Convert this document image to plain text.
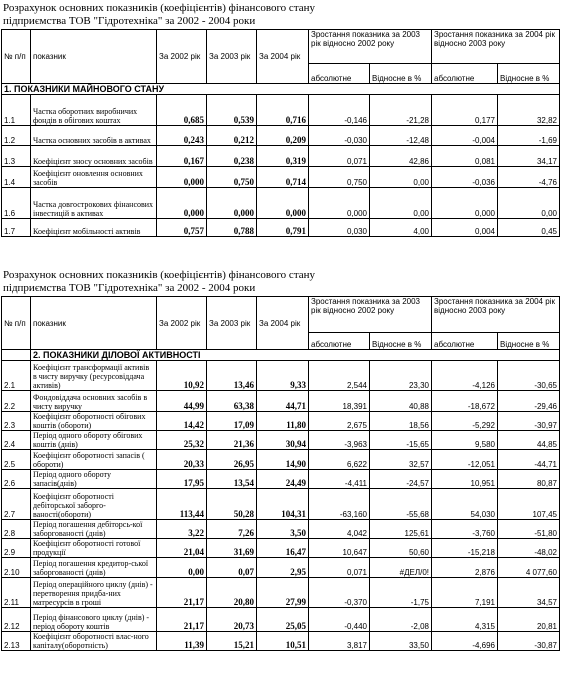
Розрахунок основних показників (коефіцієнтів) фінансового стану
підприємства ТОВ "Гідротехніка" за 2002 - 2004 роки
№ п/п	показник	За 2002 рік	За 2003 рік	За 2004 рік	Зростання показника за 2003 рік відносно 2002 року		Зростання показника за 2004 рік відносно 2003 року	
					абсолютне	Відносне в %	абсолютне	Відносне в %
1. ПОКАЗНИКИ МАЙНОВОГО СТАНУ								
1.1	Частка оборотних виробничих фондів в обігових коштах	0,685	0,539	0,716	-0,146	-21,28	0,177	32,82
1.2	Частка основних засобів в активах	0,243	0,212	0,209	-0,030	-12,48	-0,004	-1,69
1.3	Коефіцієнт зносу основних засобів	0,167	0,238	0,319	0,071	42,86	0,081	34,17
1.4	Коефіцієнт оновлення основних засобів	0,000	0,750	0,714	0,750	0,00	-0,036	-4,76
1.6	Частка довгострокових фінансових інвестицій в активах	0,000	0,000	0,000	0,000	0,00	0,000	0,00
1.7	Коефіцієнт мобільності активів	0,757	0,788	0,791	0,030	4,00	0,004	0,45
Розрахунок основних показників (коефіцієнтів) фінансового стану
підприємства ТОВ "Гідротехніка" за 2002 - 2004 роки
№ п/п	показник	За 2002 рік	За 2003 рік	За 2004 рік	Зростання показника за 2003 рік відносно 2002 року		Зростання показника за 2004 рік відносно 2003 року	
					абсолютне	Відносне в %	абсолютне	Відносне в %
	2. ПОКАЗНИКИ ДІЛОВОЇ АКТИВНОСТІ							
2.1	Коефіцієнт трансформації активів в чисту виручку (ресурсовіддача активів)	10,92	13,46	9,33	2,544	23,30	-4,126	-30,65
2.2	Фондовіддача основних засобів в чисту виручку	44,99	63,38	44,71	18,391	40,88	-18,672	-29,46
2.3	Коефіцієнт оборотності обігових коштів (обороти)	14,42	17,09	11,80	2,675	18,56	-5,292	-30,97
2.4	Період одного обороту обігових коштів (днів)	25,32	21,36	30,94	-3,963	-15,65	9,580	44,85
2.5	Коефіцієнт оборотності запасів ( обороти)	20,33	26,95	14,90	6,622	32,57	-12,051	-44,71
2.6	Період одного обороту запасів(днів)	17,95	13,54	24,49	-4,411	-24,57	10,951	80,87
2.7	Коефіцієнт оборотності дебіторської заборго-ваності(обороти)	113,44	50,28	104,31	-63,160	-55,68	54,030	107,45
2.8	Період погашення дебіторсь-кої заборгованості (днів)	3,22	7,26	3,50	4,042	125,61	-3,760	-51,80
2.9	Коефіцієнт оборотності готової продукції	21,04	31,69	16,47	10,647	50,60	-15,218	-48,02
2.10	Період погашення кредитор-ської заборгованості (днів)	0,00	0,07	2,95	0,071	#ДЕЛ/0!	2,876	4 077,60
2.11	Період операційного циклу (днів) - перетворення придба-них матресурсів в гроші	21,17	20,80	27,99	-0,370	-1,75	7,191	34,57
2.12	Період фінансового циклу (днів) - період обороту коштів	21,17	20,73	25,05	-0,440	-2,08	4,315	20,81
2.13	Коефіцієнт оборотності влас-ного капіталу(оборотність)	11,39	15,21	10,51	3,817	33,50	-4,696	-30,87
